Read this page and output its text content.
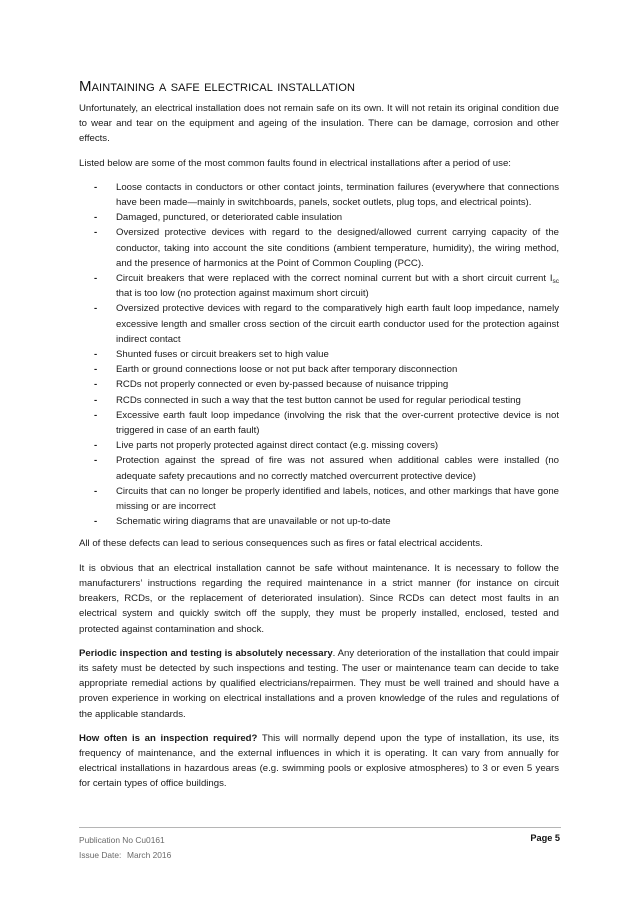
Maintaining a safe electrical installation

Unfortunately, an electrical installation does not remain safe on its own. It will not retain its original condition due to wear and tear on the equipment and ageing of the insulation. There can be damage, corrosion and other effects.

Listed below are some of the most common faults found in electrical installations after a period of use:

- Loose contacts in conductors or other contact joints, termination failures (everywhere that connections have been made—mainly in switchboards, panels, socket outlets, plug tops, and electrical points).
- Damaged, punctured, or deteriorated cable insulation
- Oversized protective devices with regard to the designed/allowed current carrying capacity of the conductor, taking into account the site conditions (ambient temperature, humidity), the wiring method, and the presence of harmonics at the Point of Common Coupling (PCC).
- Circuit breakers that were replaced with the correct nominal current but with a short circuit current $I_{sc}$ that is too low (no protection against maximum short circuit)
- Oversized protective devices with regard to the comparatively high earth fault loop impedance, namely excessive length and smaller cross section of the circuit earth conductor used for the protection against indirect contact
- Shunted fuses or circuit breakers set to high value
- Earth or ground connections loose or not put back after temporary disconnection
- RCDs not properly connected or even by-passed because of nuisance tripping
- RCDs connected in such a way that the test button cannot be used for regular periodical testing
- Excessive earth fault loop impedance (involving the risk that the over-current protective device is not triggered in case of an earth fault)
- Live parts not properly protected against direct contact (e.g. missing covers)
- Protection against the spread of fire was not assured when additional cables were installed (no adequate safety precautions and no correctly matched overcurrent protective device)
- Circuits that can no longer be properly identified and labels, notices, and other markings that have gone missing or are incorrect
- Schematic wiring diagrams that are unavailable or not up-to-date

All of these defects can lead to serious consequences such as fires or fatal electrical accidents.

It is obvious that an electrical installation cannot be safe without maintenance. It is necessary to follow the manufacturers’ instructions regarding the required maintenance in a strict manner (for instance on circuit breakers, RCDs, or the replacement of deteriorated insulation). Since RCDs can detect most faults in an electrical system and quickly switch off the supply, they must be properly installed, enclosed, tested and protected against contamination and shock.

Periodic inspection and testing is absolutely necessary. Any deterioration of the installation that could impair its safety must be detected by such inspections and testing. The user or maintenance team can decide to take appropriate remedial actions by qualified electricians/repairmen. They must be well trained and should have a proven experience in working on electrical installations and a proven knowledge of the rules and regulations of the applicable standards.

How often is an inspection required? This will normally depend upon the type of installation, its use, its frequency of maintenance, and the external influences in which it is operating. It can vary from annually for electrical installations in hazardous areas (e.g. swimming pools or explosive atmospheres) to 3 or even 5 years for certain types of office buildings.

Publication No Cu0161
Issue Date: March 2016
Page 5
